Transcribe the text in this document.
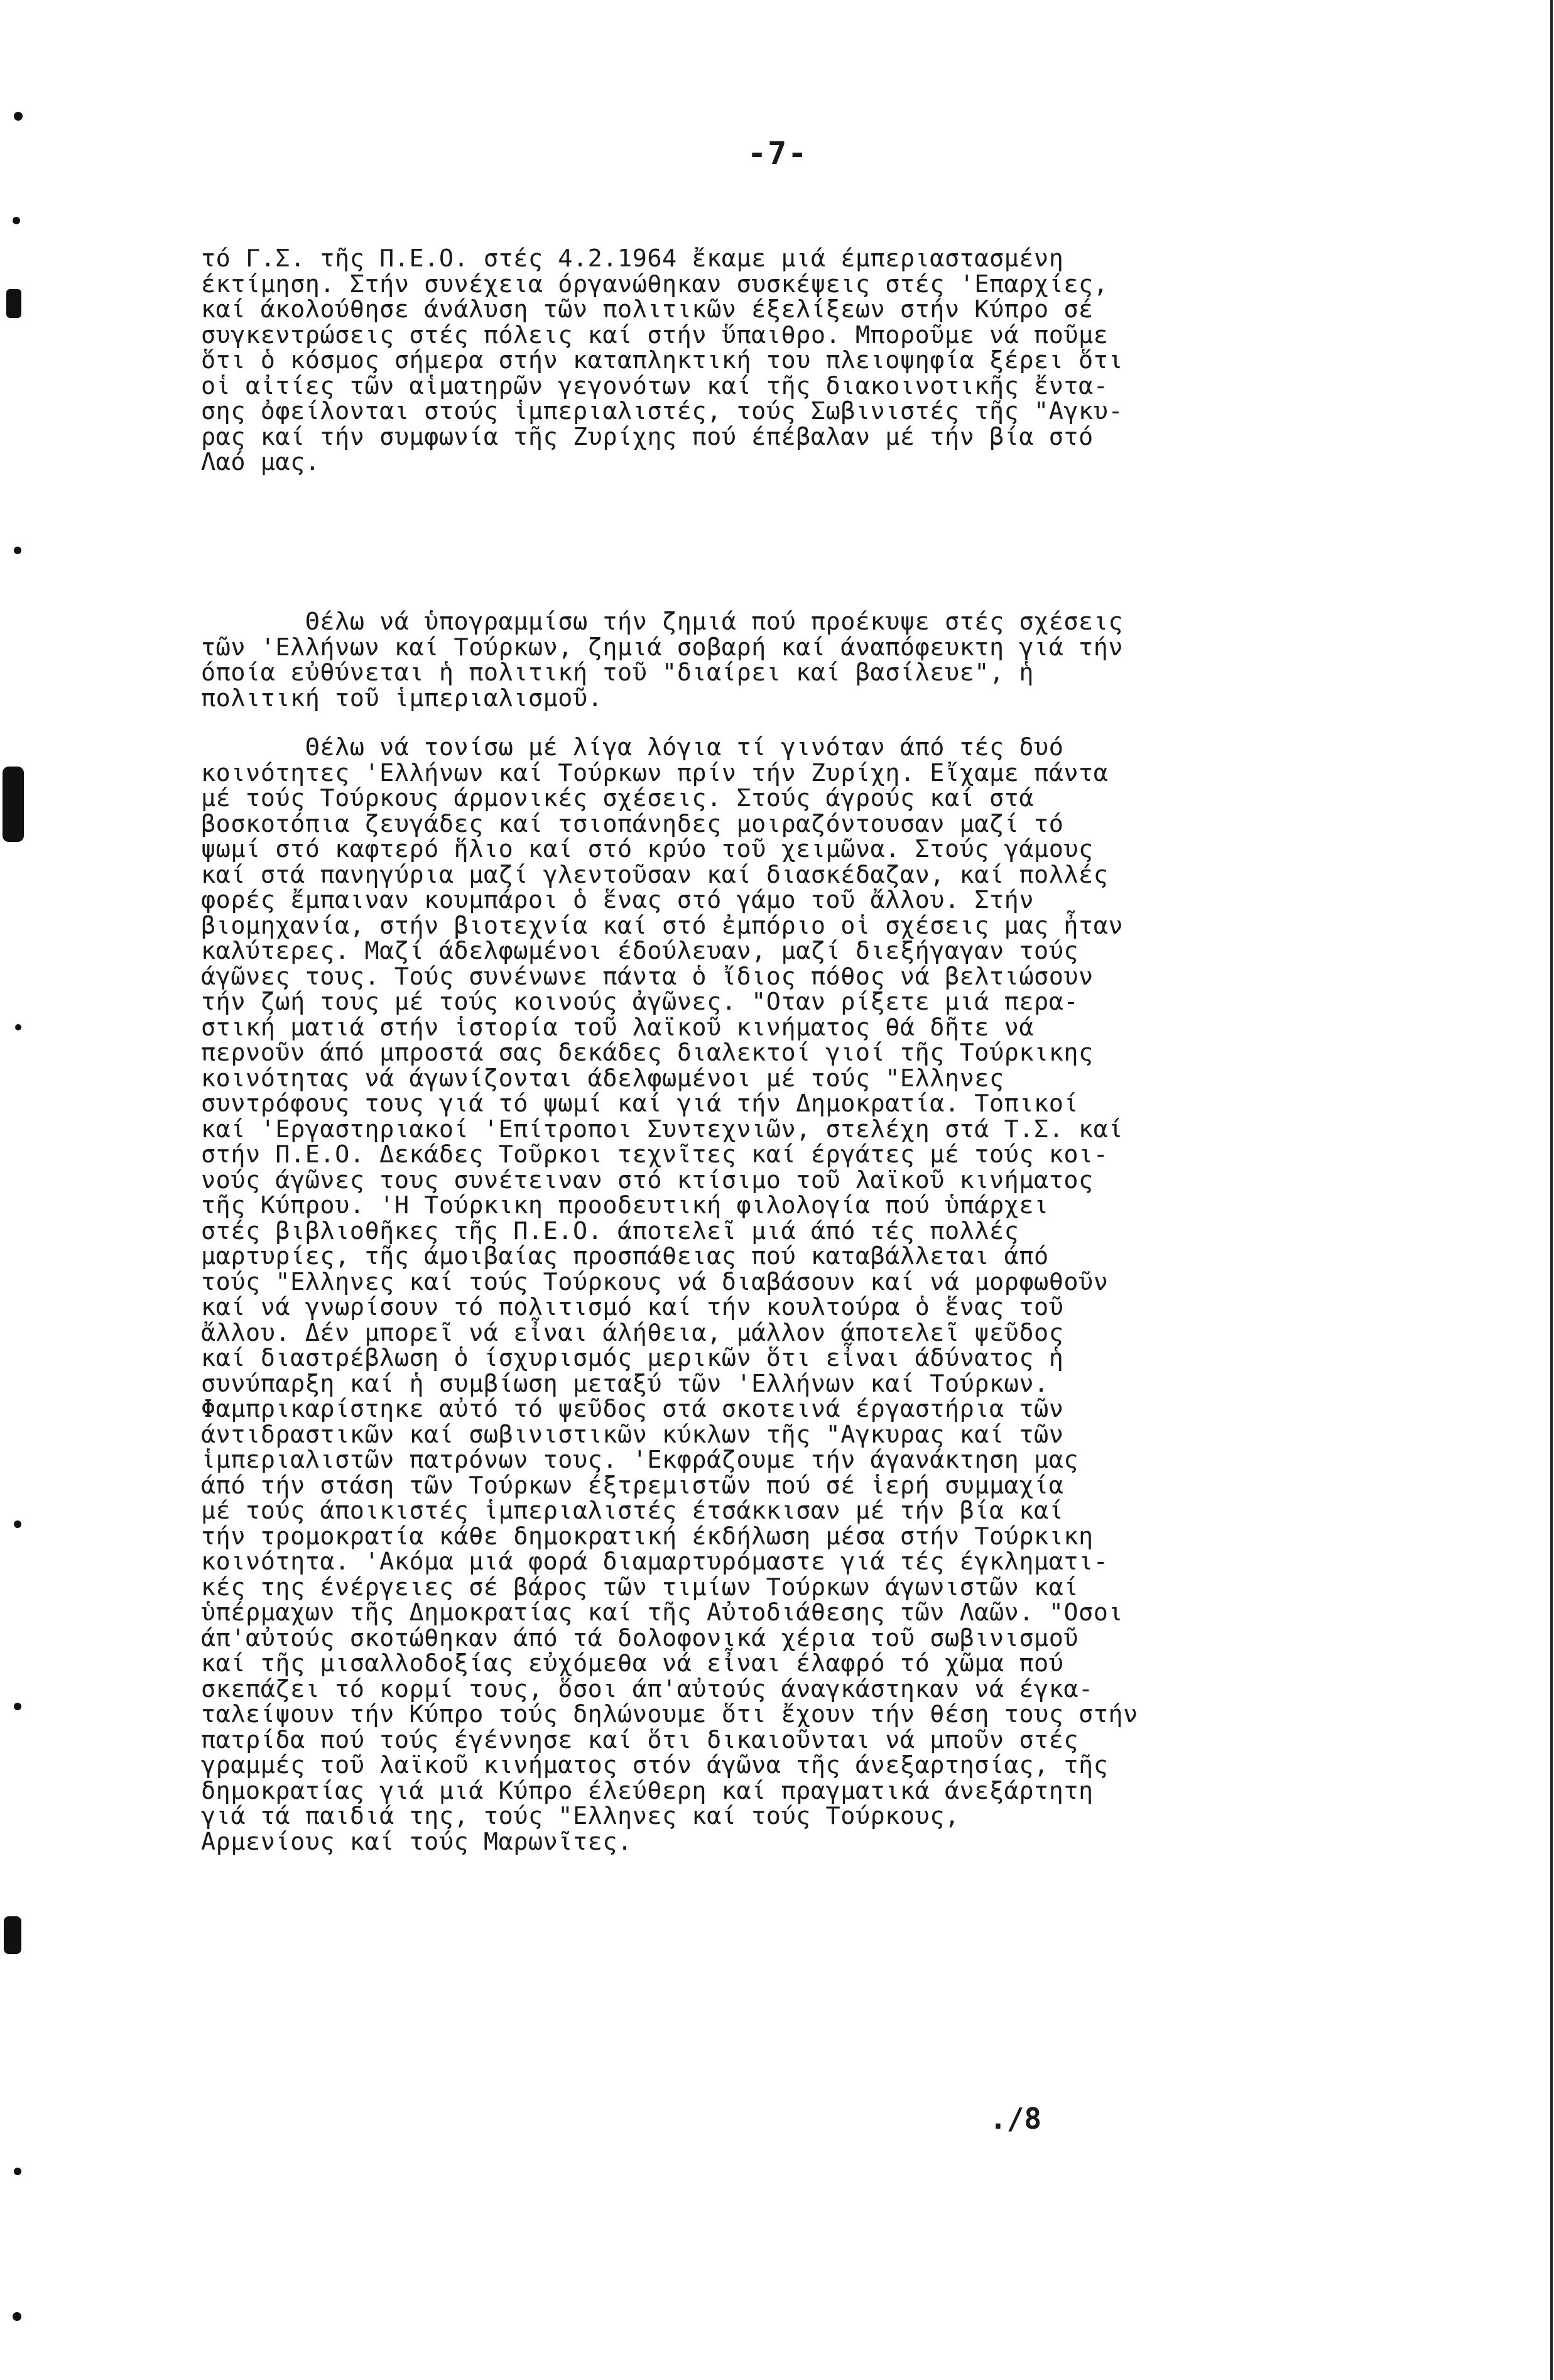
-7-
τό Γ.Σ. τῆς Π.Ε.Ο. στές 4.2.1964 ἔκαμε μιά έμπεριαστασμένη
έκτίμηση. Στήν συνέχεια όργανώθηκαν συσκέψεις στές 'Επαρχίες,
καί άκολούθησε άνάλυση τῶν πολιτικῶν έξελίξεων στήν Κύπρο σέ
συγκεντρώσεις στές πόλεις καί στήν ὕπαιθρο. Μποροῦμε νά ποῦμε
ὅτι ὁ κόσμος σήμερα στήν καταπληκτική του πλειοψηφία ξέρει ὅτι
οἱ αἰτίες τῶν αἱματηρῶν γεγονότων καί τῆς διακοινοτικῆς ἔντα-
σης ὀφείλονται στούς ἱμπεριαλιστές, τούς Σωβινιστές τῆς "Αγκυ-
ρας καί τήν συμφωνία τῆς Ζυρίχης πού έπέβαλαν μέ τήν βία στό
Λαό μας.
Θέλω νά ὑπογραμμίσω τήν ζημιά πού προέκυψε στές σχέσεις
τῶν 'Ελλήνων καί Τούρκων, ζημιά σοβαρή καί άναπόφευκτη γιά τήν
όποία εὐθύνεται ἡ πολιτική τοῦ "διαίρει καί βασίλευε", ἡ
πολιτική τοῦ ἱμπεριαλισμοῦ.
Θέλω νά τονίσω μέ λίγα λόγια τί γινόταν άπό τές δυό
κοινότητες 'Ελλήνων καί Τούρκων πρίν τήν Ζυρίχη. Εἴχαμε πάντα
μέ τούς Τούρκους άρμονικές σχέσεις. Στούς άγρούς καί στά
βοσκοτόπια ζευγάδες καί τσιοπάνηδες μοιραζόντουσαν μαζί τό
ψωμί στό καφτερό ἥλιο καί στό κρύο τοῦ χειμῶνα. Στούς γάμους
καί στά πανηγύρια μαζί γλεντοῦσαν καί διασκέδαζαν, καί πολλές
φορές ἔμπαιναν κουμπάροι ὁ ἕνας στό γάμο τοῦ ἄλλου. Στήν
βιομηχανία, στήν βιοτεχνία καί στό ἐμπόριο οἱ σχέσεις μας ἦταν
καλύτερες. Μαζί άδελφωμένοι έδούλευαν, μαζί διεξήγαγαν τούς
άγῶνες τους. Τούς συνένωνε πάντα ὁ ἴδιος πόθος νά βελτιώσουν
τήν ζωή τους μέ τούς κοινούς ἀγῶνες. "Οταν ρίξετε μιά περα-
στική ματιά στήν ἱστορία τοῦ λαϊκοῦ κινήματος θά δῆτε νά
περνοῦν άπό μπροστά σας δεκάδες διαλεκτοί γιοί τῆς Τούρκικης
κοινότητας νά άγωνίζονται άδελφωμένοι μέ τούς "Ελληνες
συντρόφους τους γιά τό ψωμί καί γιά τήν Δημοκρατία. Τοπικοί
καί 'Εργαστηριακοί 'Επίτροποι Συντεχνιῶν, στελέχη στά Τ.Σ. καί
στήν Π.Ε.Ο. Δεκάδες Τοῦρκοι τεχνῖτες καί έργάτες μέ τούς κοι-
νούς άγῶνες τους συνέτειναν στό κτίσιμο τοῦ λαϊκοῦ κινήματος
τῆς Κύπρου. 'Η Τούρκικη προοδευτική φιλολογία πού ὑπάρχει
στές βιβλιοθῆκες τῆς Π.Ε.Ο. άποτελεῖ μιά άπό τές πολλές
μαρτυρίες, τῆς άμοιβαίας προσπάθειας πού καταβάλλεται άπό
τούς "Ελληνες καί τούς Τούρκους νά διαβάσουν καί νά μορφωθοῦν
καί νά γνωρίσουν τό πολιτισμό καί τήν κουλτούρα ὁ ἕνας τοῦ
ἄλλου. Δέν μπορεῖ νά εἶναι άλήθεια, μάλλον άποτελεῖ ψεῦδος
καί διαστρέβλωση ὁ ίσχυρισμός μερικῶν ὅτι εἶναι άδύνατος ἡ
συνύπαρξη καί ἡ συμβίωση μεταξύ τῶν 'Ελλήνων καί Τούρκων.
Φαμπρικαρίστηκε αὐτό τό ψεῦδος στά σκοτεινά έργαστήρια τῶν
άντιδραστικῶν καί σωβινιστικῶν κύκλων τῆς "Αγκυρας καί τῶν
ἱμπεριαλιστῶν πατρόνων τους. 'Εκφράζουμε τήν άγανάκτηση μας
άπό τήν στάση τῶν Τούρκων έξτρεμιστῶν πού σέ ἱερή συμμαχία
μέ τούς άποικιστές ἱμπεριαλιστές έτσάκκισαν μέ τήν βία καί
τήν τρομοκρατία κάθε δημοκρατική έκδήλωση μέσα στήν Τούρκικη
κοινότητα. 'Ακόμα μιά φορά διαμαρτυρόμαστε γιά τές έγκληματι-
κές της ένέργειες σέ βάρος τῶν τιμίων Τούρκων άγωνιστῶν καί
ὑπέρμαχων τῆς Δημοκρατίας καί τῆς Αὐτοδιάθεσης τῶν Λαῶν. "Οσοι
άπ'αὐτούς σκοτώθηκαν άπό τά δολοφονικά χέρια τοῦ σωβινισμοῦ
καί τῆς μισαλλοδοξίας εὐχόμεθα νά εἶναι έλαφρό τό χῶμα πού
σκεπάζει τό κορμί τους, ὅσοι άπ'αὐτούς άναγκάστηκαν νά έγκα-
ταλείψουν τήν Κύπρο τούς δηλώνουμε ὅτι ἔχουν τήν θέση τους στήν
πατρίδα πού τούς έγέννησε καί ὅτι δικαιοῦνται νά μποῦν στές
γραμμές τοῦ λαϊκοῦ κινήματος στόν άγῶνα τῆς άνεξαρτησίας, τῆς
δημοκρατίας γιά μιά Κύπρο έλεύθερη καί πραγματικά άνεξάρτητη
γιά τά παιδιά της, τούς "Ελληνες καί τούς Τούρκους,
Αρμενίους καί τούς Μαρωνῖτες.
./8
